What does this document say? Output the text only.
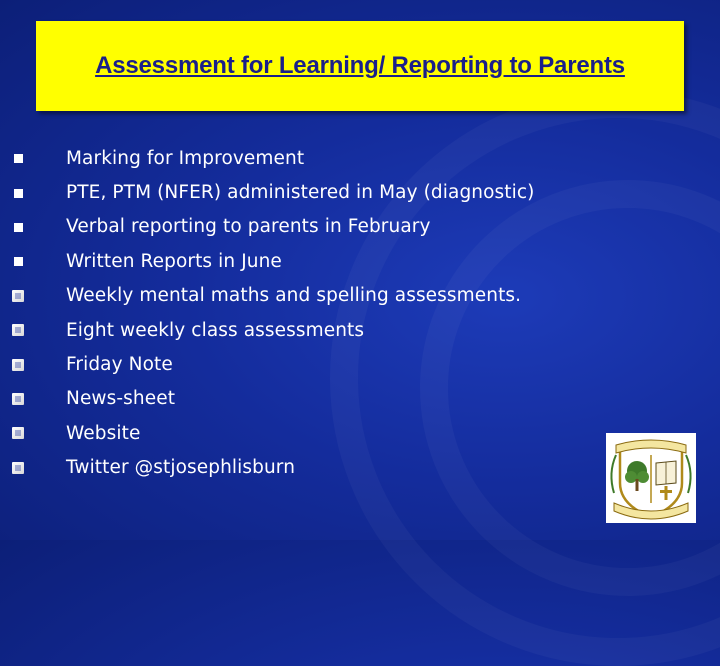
Assessment for Learning/ Reporting to Parents
Marking for Improvement
PTE, PTM (NFER) administered in May (diagnostic)
Verbal reporting to parents in February
Written Reports in June
Weekly mental maths and spelling assessments.
Eight weekly class assessments
Friday Note
News-sheet
Website
Twitter @stjosephlisburn
